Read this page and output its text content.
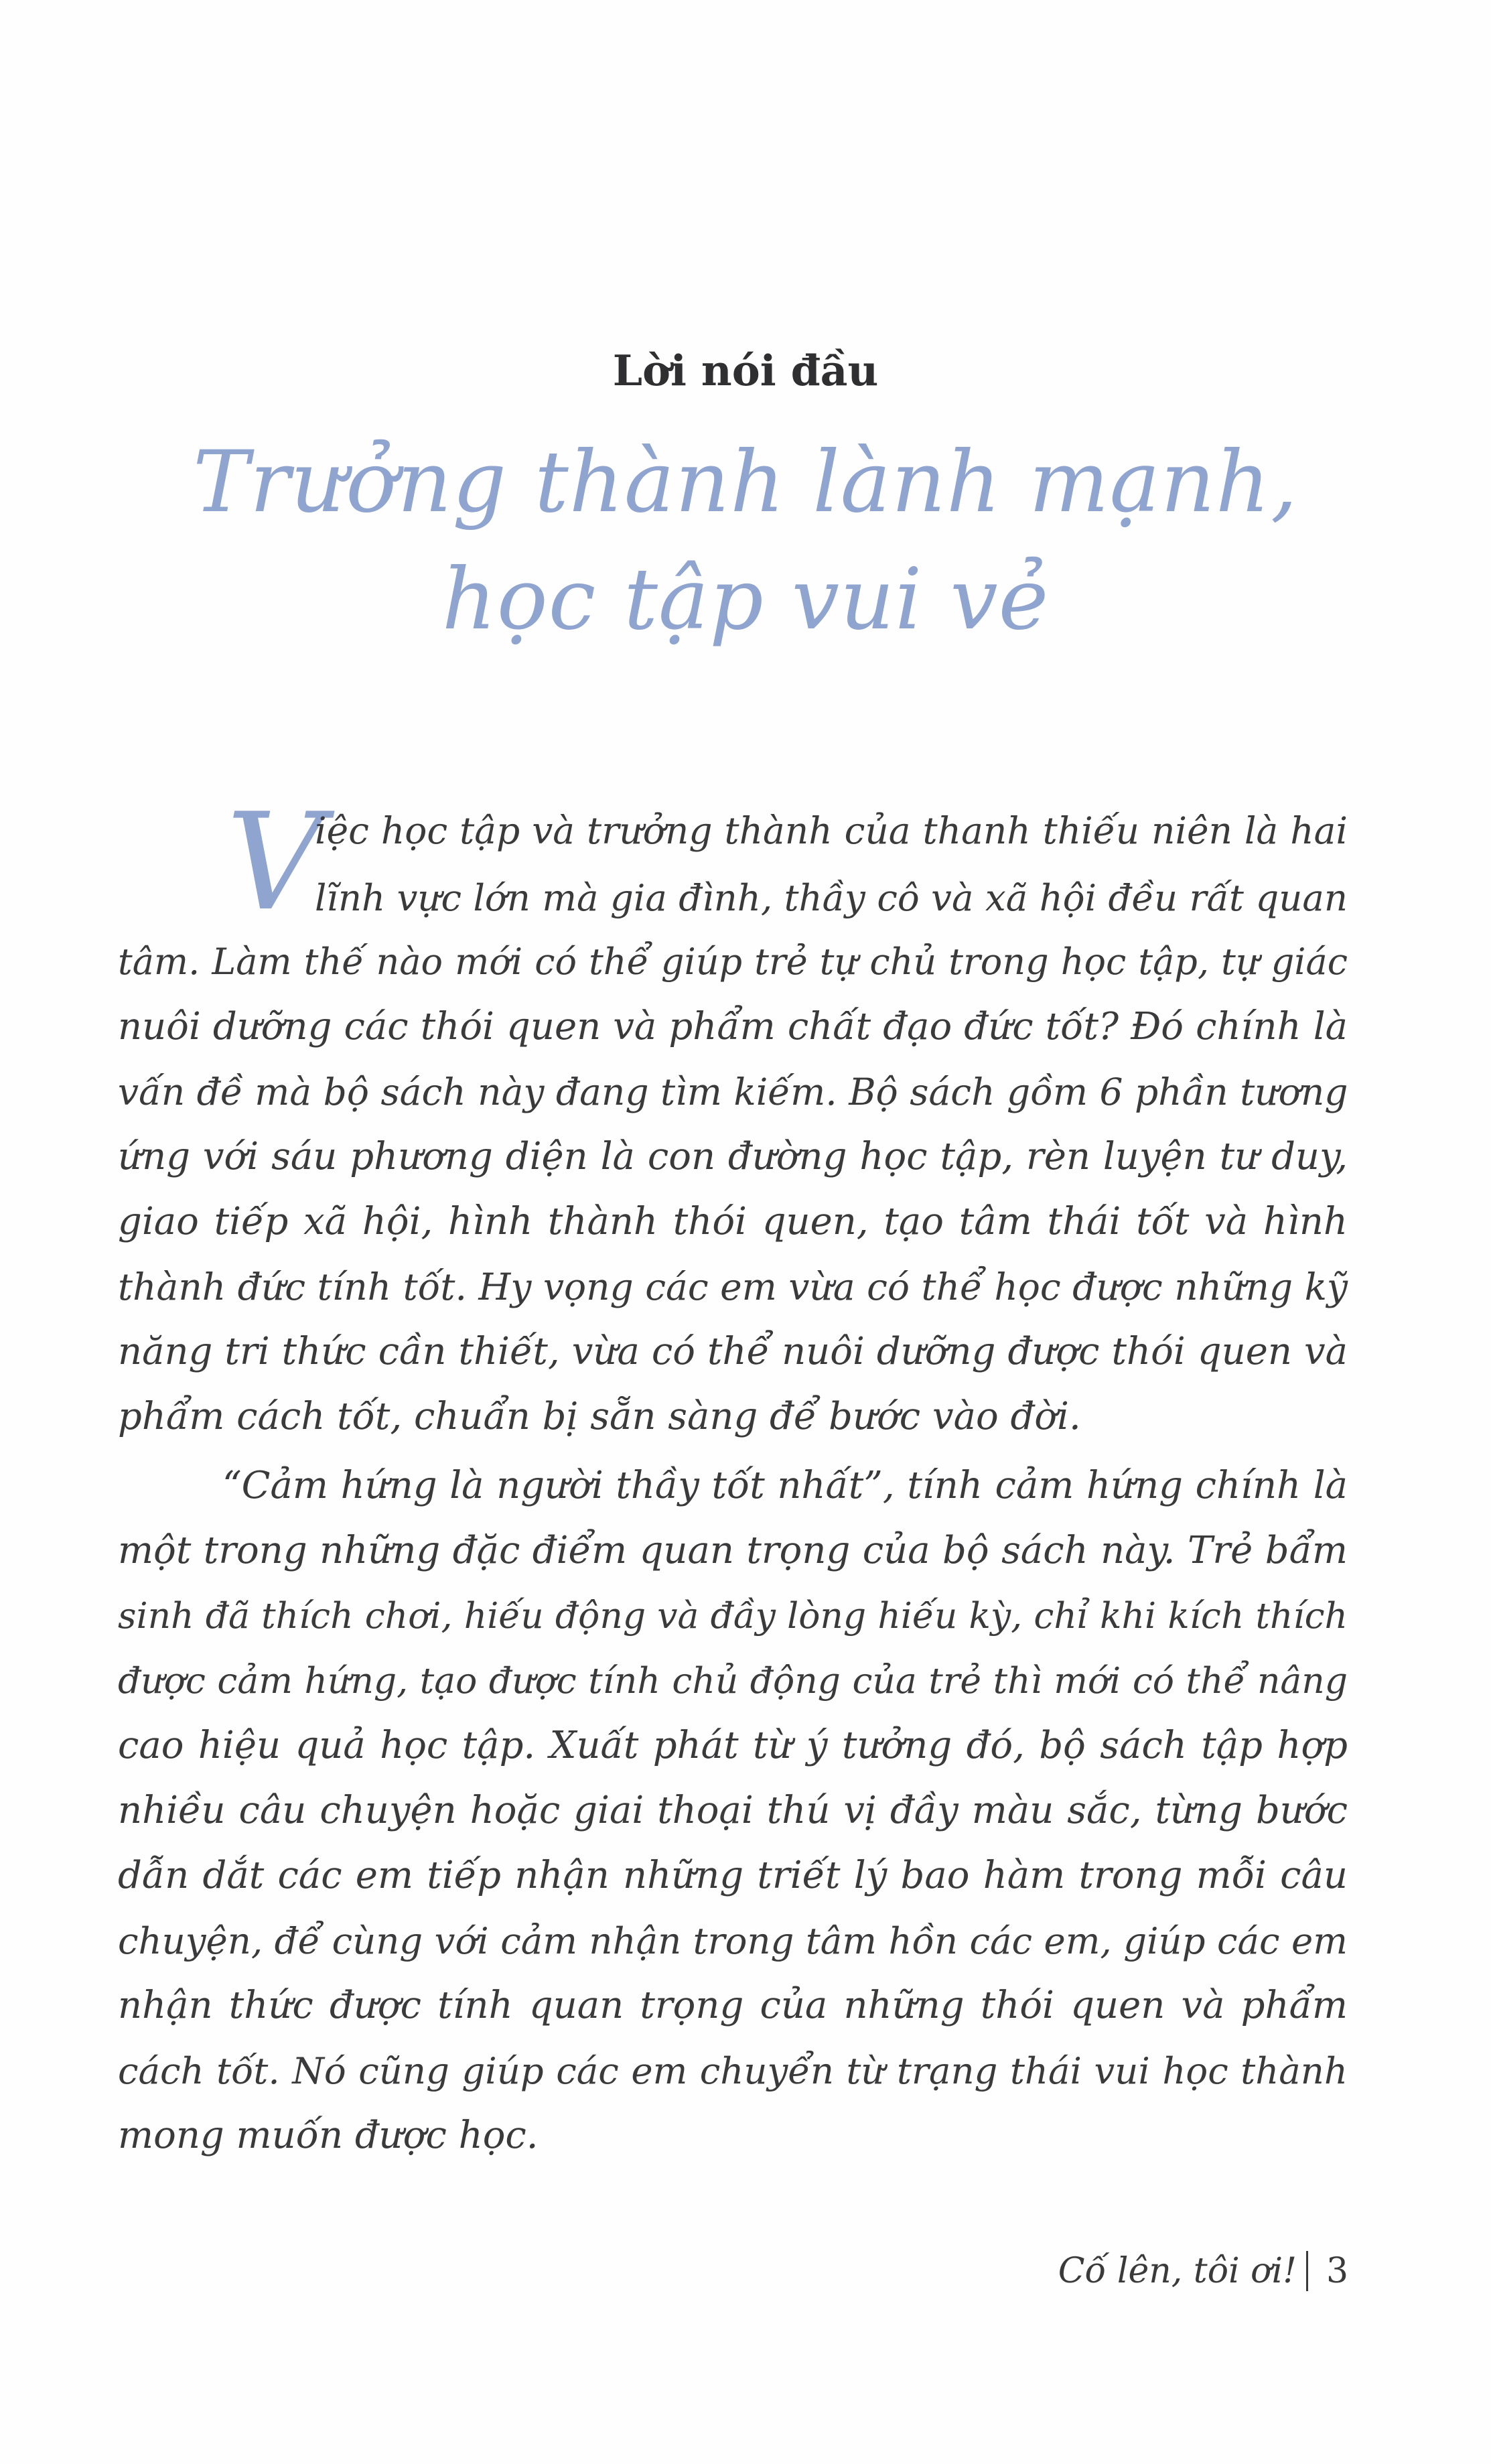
Lời nói đầu
Trưởng thành lành mạnh,
học tập vui vẻ
V
iệc học tập và trưởng thành của thanh thiếu niên là hai
lĩnh vực lớn mà gia đình, thầy cô và xã hội đều rất quan
tâm. Làm thế nào mới có thể giúp trẻ tự chủ trong học tập, tự giác
nuôi dưỡng các thói quen và phẩm chất đạo đức tốt? Đó chính là
vấn đề mà bộ sách này đang tìm kiếm. Bộ sách gồm 6 phần tương
ứng với sáu phương diện là con đường học tập, rèn luyện tư duy,
giao tiếp xã hội, hình thành thói quen, tạo tâm thái tốt và hình
thành đức tính tốt. Hy vọng các em vừa có thể học được những kỹ
năng tri thức cần thiết, vừa có thể nuôi dưỡng được thói quen và
phẩm cách tốt, chuẩn bị sẵn sàng để bước vào đời.
“Cảm hứng là người thầy tốt nhất”, tính cảm hứng chính là
một trong những đặc điểm quan trọng của bộ sách này. Trẻ bẩm
sinh đã thích chơi, hiếu động và đầy lòng hiếu kỳ, chỉ khi kích thích
được cảm hứng, tạo được tính chủ động của trẻ thì mới có thể nâng
cao hiệu quả học tập. Xuất phát từ ý tưởng đó, bộ sách tập hợp
nhiều câu chuyện hoặc giai thoại thú vị đầy màu sắc, từng bước
dẫn dắt các em tiếp nhận những triết lý bao hàm trong mỗi câu
chuyện, để cùng với cảm nhận trong tâm hồn các em, giúp các em
nhận thức được tính quan trọng của những thói quen và phẩm
cách tốt. Nó cũng giúp các em chuyển từ trạng thái vui học thành
mong muốn được học.
Cố lên, tôi ơi! 3
